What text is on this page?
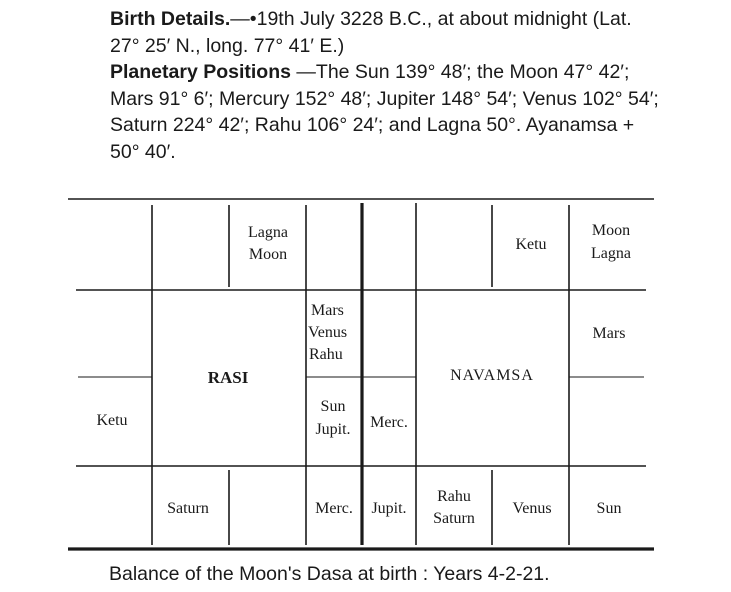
Birth Details.—•19th July 3228 B.C., at about midnight (Lat. 27° 25′ N., long. 77° 41′ E.)

Planetary Positions —The Sun 139° 48′; the Moon 47° 42′; Mars 91° 6′; Mercury 152° 48′; Jupiter 148° 54′; Venus 102° 54′; Saturn 224° 42′; Rahu 106° 24′; and Lagna 50°. Ayanamsa + 50° 40′.

RASI
Lagna
Moon
Mars
Venus
Rahu
Sun
Jupit.
Ketu
Saturn	Merc.
NAVAMSA
Merc.
Jupit.
Rahu
Saturn
Venus	Sun
Mars
Moon
Lagna
Ketu
Balance of the Moon's Dasa at birth : Years 4-2-21.
